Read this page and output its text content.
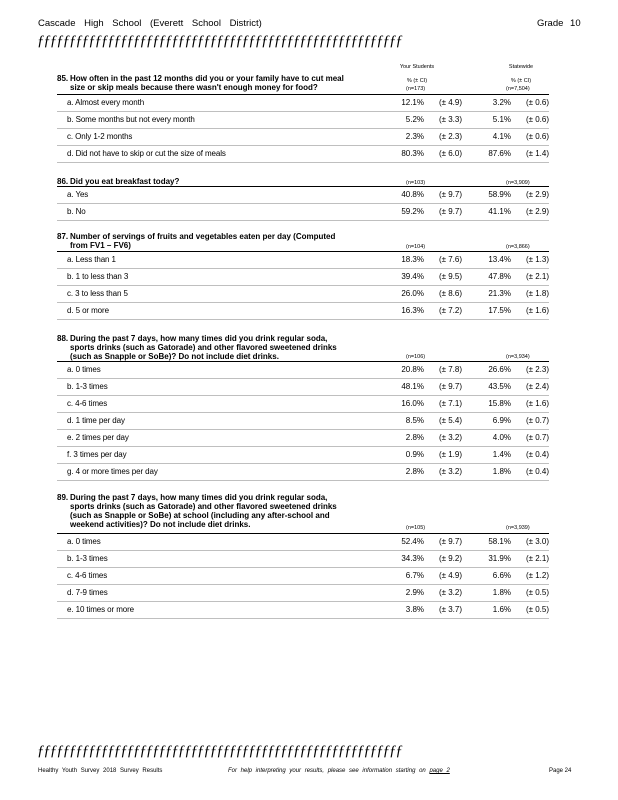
Cascade High School (Everett School District)	Grade 10
ƒƒƒƒƒƒƒƒƒƒƒƒƒƒƒƒƒƒƒƒƒƒƒƒƒƒƒƒƒƒƒƒƒƒƒƒƒƒƒƒƒƒƒƒƒƒƒƒƒƒƒƒƒƒƒƒƒ
Your Students	Statewide
85. How often in the past 12 months did you or your family have to cut meal
size or skip meals because there wasn't enough money for food?
% (± CI)	% (± CI)
(n=173)	(n=7,504)
a. Almost every month	12.1% (± 4.9)	3.2% (± 0.6)
b. Some months but not every month	5.2% (± 3.3)	5.1% (± 0.6)
c. Only 1-2 months	2.3% (± 2.3)	4.1% (± 0.6)
d. Did not have to skip or cut the size of meals	80.3% (± 6.0)	87.6% (± 1.4)
86. Did you eat breakfast today?	(n=103)	(n=3,909)
a. Yes	40.8% (± 9.7)	58.9% (± 2.9)
b. No	59.2% (± 9.7)	41.1% (± 2.9)
87. Number of servings of fruits and vegetables eaten per day (Computed
from FV1 – FV6)	(n=104)	(n=3,866)
a. Less than 1	18.3% (± 7.6)	13.4% (± 1.3)
b. 1 to less than 3	39.4% (± 9.5)	47.8% (± 2.1)
c. 3 to less than 5	26.0% (± 8.6)	21.3% (± 1.8)
d. 5 or more	16.3% (± 7.2)	17.5% (± 1.6)
88. During the past 7 days, how many times did you drink regular soda,
sports drinks (such as Gatorade) and other flavored sweetened drinks
(such as Snapple or SoBe)? Do not include diet drinks.	(n=106)	(n=3,934)
a. 0 times	20.8% (± 7.8)	26.6% (± 2.3)
b. 1-3 times	48.1% (± 9.7)	43.5% (± 2.4)
c. 4-6 times	16.0% (± 7.1)	15.8% (± 1.6)
d. 1 time per day	8.5% (± 5.4)	6.9% (± 0.7)
e. 2 times per day	2.8% (± 3.2)	4.0% (± 0.7)
f. 3 times per day	0.9% (± 1.9)	1.4% (± 0.4)
g. 4 or more times per day	2.8% (± 3.2)	1.8% (± 0.4)
89. During the past 7 days, how many times did you drink regular soda,
sports drinks (such as Gatorade) and other flavored sweetened drinks
(such as Snapple or SoBe) at school (including any after-school and
weekend activities)? Do not include diet drinks.	(n=105)	(n=3,939)
a. 0 times	52.4% (± 9.7)	58.1% (± 3.0)
b. 1-3 times	34.3% (± 9.2)	31.9% (± 2.1)
c. 4-6 times	6.7% (± 4.9)	6.6% (± 1.2)
d. 7-9 times	2.9% (± 3.2)	1.8% (± 0.5)
e. 10 times or more	3.8% (± 3.7)	1.6% (± 0.5)
ƒƒƒƒƒƒƒƒƒƒƒƒƒƒƒƒƒƒƒƒƒƒƒƒƒƒƒƒƒƒƒƒƒƒƒƒƒƒƒƒƒƒƒƒƒƒƒƒƒƒƒƒƒƒƒƒƒ
Healthy Youth Survey 2018 Survey Results	For help interpreting your results, please see information starting on page 2	Page 24
